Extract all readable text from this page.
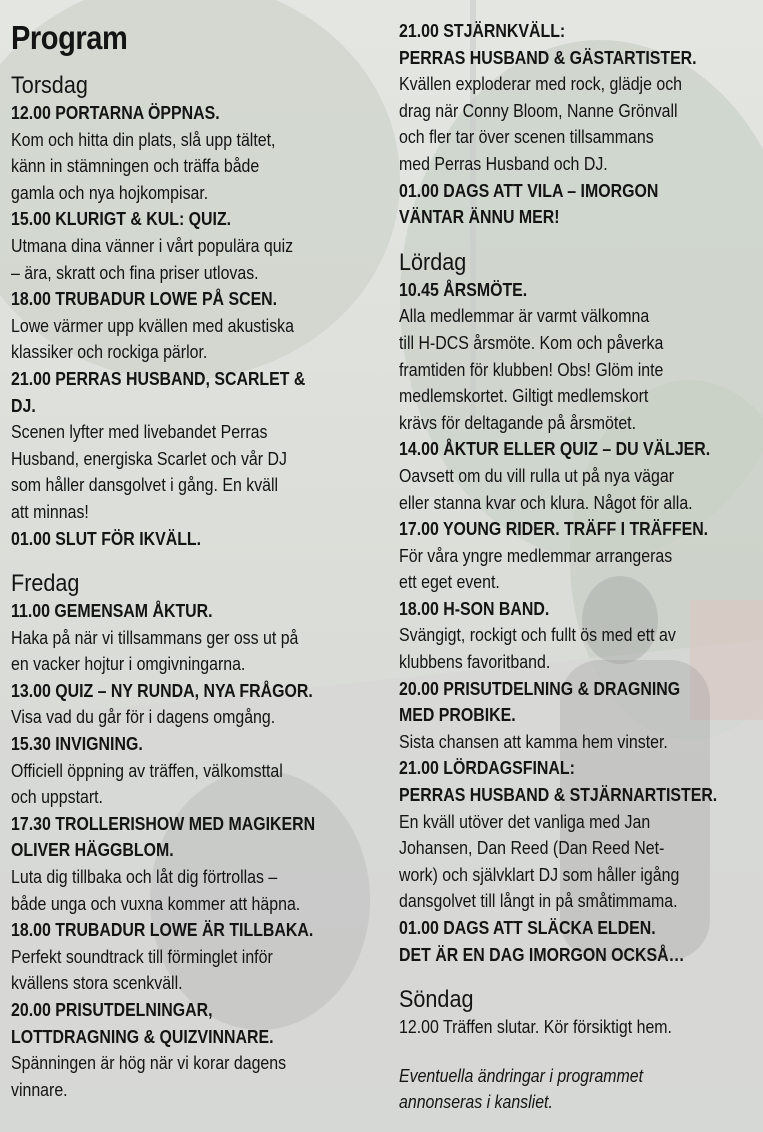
Program
Torsdag
12.00 PORTARNA ÖPPNAS.
Kom och hitta din plats, slå upp tältet,
känn in stämningen och träffa både
gamla och nya hojkompisar.
15.00 KLURIGT & KUL: QUIZ.
Utmana dina vänner i vårt populära quiz
– ära, skratt och fina priser utlovas.
18.00 TRUBADUR LOWE PÅ SCEN.
Lowe värmer upp kvällen med akustiska
klassiker och rockiga pärlor.
21.00 PERRAS HUSBAND, SCARLET &
DJ.
Scenen lyfter med livebandet Perras
Husband, energiska Scarlet och vår DJ
som håller dansgolvet i gång. En kväll
att minnas!
01.00 SLUT FÖR IKVÄLL.
Fredag
11.00 GEMENSAM ÅKTUR.
Haka på när vi tillsammans ger oss ut på
en vacker hojtur i omgivningarna.
13.00 QUIZ – NY RUNDA, NYA FRÅGOR.
Visa vad du går för i dagens omgång.
15.30 INVIGNING.
Officiell öppning av träffen, välkomsttal
och uppstart.
17.30 TROLLERISHOW MED MAGIKERN
OLIVER HÄGGBLOM.
Luta dig tillbaka och låt dig förtrollas –
både unga och vuxna kommer att häpna.
18.00 TRUBADUR LOWE ÄR TILLBAKA.
Perfekt soundtrack till förminglet inför
kvällens stora scenkväll.
20.00 PRISUTDELNINGAR,
LOTTDRAGNING & QUIZVINNARE.
Spänningen är hög när vi korar dagens
vinnare.
21.00 STJÄRNKVÄLL:
PERRAS HUSBAND & GÄSTARTISTER.
Kvällen exploderar med rock, glädje och
drag när Conny Bloom, Nanne Grönvall
och fler tar över scenen tillsammans
med Perras Husband och DJ.
01.00 DAGS ATT VILA – IMORGON
VÄNTAR ÄNNU MER!
Lördag
10.45 ÅRSMÖTE.
Alla medlemmar är varmt välkomna
till H-DCS årsmöte. Kom och påverka
framtiden för klubben! Obs! Glöm inte
medlemskortet. Giltigt medlemskort
krävs för deltagande på årsmötet.
14.00 ÅKTUR ELLER QUIZ – DU VÄLJER.
Oavsett om du vill rulla ut på nya vägar
eller stanna kvar och klura. Något för alla.
17.00 YOUNG RIDER. TRÄFF I TRÄFFEN.
För våra yngre medlemmar arrangeras
ett eget event.
18.00 H-SON BAND.
Svängigt, rockigt och fullt ös med ett av
klubbens favoritband.
20.00 PRISUTDELNING & DRAGNING
MED PROBIKE.
Sista chansen att kamma hem vinster.
21.00 LÖRDAGSFINAL:
PERRAS HUSBAND & STJÄRNARTISTER.
En kväll utöver det vanliga med Jan
Johansen, Dan Reed (Dan Reed Net-
work) och självklart DJ som håller igång
dansgolvet till långt in på småtimmama.
01.00 DAGS ATT SLÄCKA ELDEN.
DET ÄR EN DAG IMORGON OCKSÅ…
Söndag
12.00 Träffen slutar. Kör försiktigt hem.
Eventuella ändringar i programmet
annonseras i kansliet.
